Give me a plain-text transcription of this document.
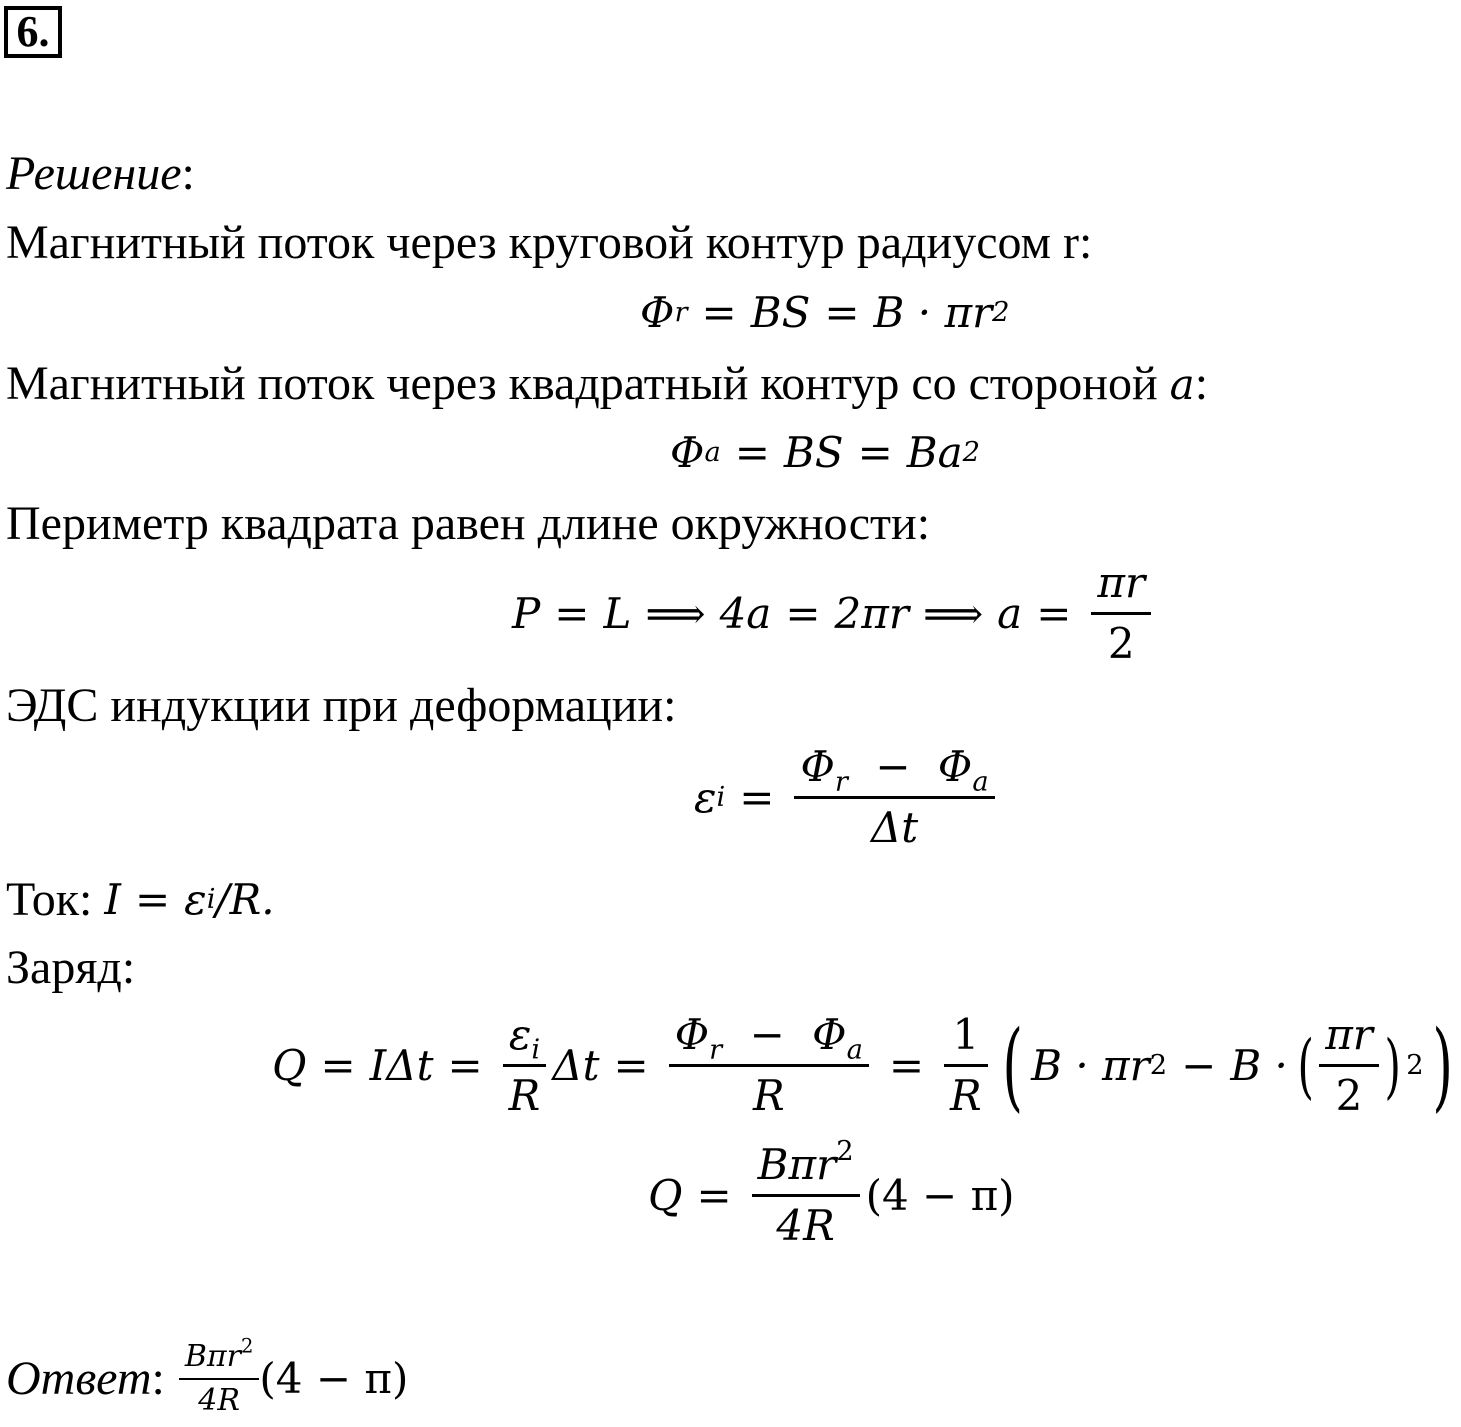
6.
Решение:
Магнитный поток через круговой контур радиусом r:
Φ r = BS = B · πr 2
Магнитный поток через квадратный контур со стороной a:
Φ a = BS = Ba 2
Периметр квадрата равен длине окружности:
P = L ⟹ 4a = 2πr ⟹ $a = \frac{\pi r}{2}$
ЭДС индукции при деформации:
ε $i = \frac{\Phi_r - \Phi_a}{\Delta t}$
Ток: I = ε i /R.
Заряд:
$Q = I\Delta t = \frac{\varepsilon_i}{R}$ $\Delta t = \frac{\Phi_r - \Phi_a}{R} = \frac{1}{R}$ ( B · πr 2 − B · ( $\frac{\pi r}{2}$ ) 2 )
$Q = \frac{B\pi r^2}{4R} (4 - \pi)$
Ответ : $\frac{B\pi r^2}{4R} (4 - \pi)$
